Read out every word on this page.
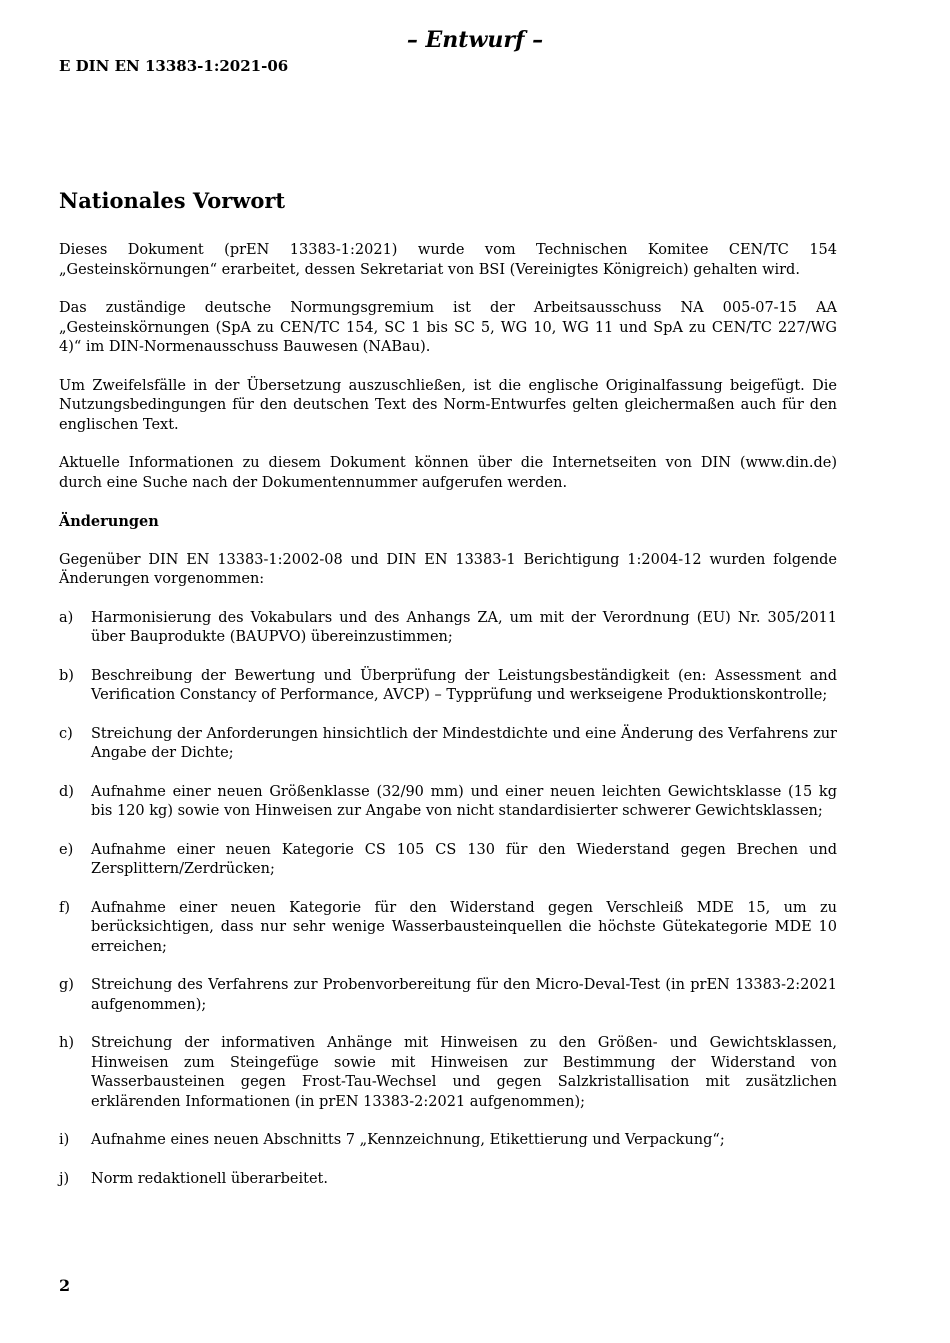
– Entwurf –
E DIN EN 13383-1:2021-06
Nationales Vorwort

Dieses Dokument (prEN 13383-1:2021) wurde vom Technischen Komitee CEN/TC 154 „Gesteinskörnungen“ erarbeitet, dessen Sekretariat von BSI (Vereinigtes Königreich) gehalten wird.

Das zuständige deutsche Normungsgremium ist der Arbeitsausschuss NA 005-07-15 AA „Gesteinskörnungen (SpA zu CEN/TC 154, SC 1 bis SC 5, WG 10, WG 11 und SpA zu CEN/TC 227/WG 4)“ im DIN-Normenausschuss Bauwesen (NABau).

Um Zweifelsfälle in der Übersetzung auszuschließen, ist die englische Originalfassung beigefügt. Die Nutzungsbedingungen für den deutschen Text des Norm-Entwurfes gelten gleichermaßen auch für den englischen Text.

Aktuelle Informationen zu diesem Dokument können über die Internetseiten von DIN (www.din.de) durch eine Suche nach der Dokumentennummer aufgerufen werden.

Änderungen

Gegenüber DIN EN 13383-1:2002-08 und DIN EN 13383-1 Berichtigung 1:2004-12 wurden folgende Änderungen vorgenommen:

a)	Harmonisierung des Vokabulars und des Anhangs ZA, um mit der Verordnung (EU) Nr. 305/2011 über Bauprodukte (BAUPVO) übereinzustimmen;
b)	Beschreibung der Bewertung und Überprüfung der Leistungsbeständigkeit (en: Assessment and Verification Constancy of Performance, AVCP) – Typprüfung und werkseigene Produktionskontrolle;
c)	Streichung der Anforderungen hinsichtlich der Mindestdichte und eine Änderung des Verfahrens zur Angabe der Dichte;
d)	Aufnahme einer neuen Größenklasse (32/90 mm) und einer neuen leichten Gewichtsklasse (15 kg bis 120 kg) sowie von Hinweisen zur Angabe von nicht standardisierter schwerer Gewichtsklassen;
e)	Aufnahme einer neuen Kategorie CS 105 CS 130 für den Wiederstand gegen Brechen und Zersplittern/Zerdrücken;
f)	Aufnahme einer neuen Kategorie für den Widerstand gegen Verschleiß MDE 15, um zu berücksichtigen, dass nur sehr wenige Wasserbausteinquellen die höchste Gütekategorie MDE 10 erreichen;
g)	Streichung des Verfahrens zur Probenvorbereitung für den Micro-Deval-Test (in prEN 13383-2:2021 aufgenommen);
h)	Streichung der informativen Anhänge mit Hinweisen zu den Größen- und Gewichtsklassen, Hinweisen zum Steingefüge sowie mit Hinweisen zur Bestimmung der Widerstand von Wasserbausteinen gegen Frost-Tau-Wechsel und gegen Salzkristallisation mit zusätzlichen erklärenden Informationen (in prEN 13383-2:2021 aufgenommen);
i)	Aufnahme eines neuen Abschnitts 7 „Kennzeichnung, Etikettierung und Verpackung“;
j)	Norm redaktionell überarbeitet.
2
